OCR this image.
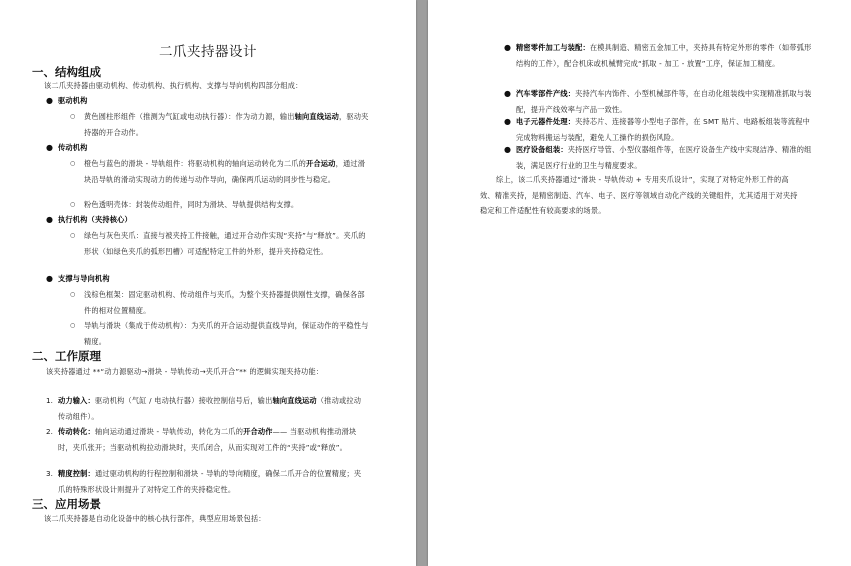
二爪夹持器设计
一、结构组成
该二爪夹持器由驱动机构、传动机构、执行机构、支撑与导向机构四部分组成：
● 驱动机构
○ 黄色圆柱形组件（推测为气缸或电动执行器）：作为动力源，输出轴向直线运动，驱动夹持器的开合动作。
● 传动机构
○ 橙色与蓝色的滑块 - 导轨组件：将驱动机构的轴向运动转化为二爪的开合运动，通过滑块沿导轨的滑动实现动力的传递与动作导向，确保两爪运动的同步性与稳定。
○ 粉色透明壳体：封装传动组件，同时为滑块、导轨提供结构支撑。
● 执行机构（夹持核心）
○ 绿色与灰色夹爪：直接与被夹持工件接触，通过开合动作实现“夹持”与“释放”。夹爪的形状（如绿色夹爪的弧形凹槽）可适配特定工件的外形，提升夹持稳定性。
● 支撑与导向机构
○ 浅棕色框架：固定驱动机构、传动组件与夹爪，为整个夹持器提供刚性支撑，确保各部件的相对位置精度。
○ 导轨与滑块（集成于传动机构）：为夹爪的开合运动提供直线导向，保证动作的平稳性与精度。
二、工作原理
该夹持器通过 **“动力源驱动→滑块 - 导轨传动→夹爪开合”** 的逻辑实现夹持功能：
1. 动力输入：驱动机构（气缸 / 电动执行器）接收控制信号后，输出轴向直线运动（推动或拉动传动组件）。
2. 传动转化：轴向运动通过滑块 - 导轨传动，转化为二爪的开合动作—— 当驱动机构推动滑块时，夹爪张开；当驱动机构拉动滑块时，夹爪闭合，从而实现对工件的“夹持”或“释放”。
3. 精度控制：通过驱动机构的行程控制和滑块 - 导轨的导向精度，确保二爪开合的位置精度；夹爪的特殊形状设计则提升了对特定工件的夹持稳定性。
三、应用场景
该二爪夹持器是自动化设备中的核心执行部件，典型应用场景包括：
● 精密零件加工与装配：在模具制造、精密五金加工中，夹持具有特定外形的零件（如带弧形结构的工件），配合机床或机械臂完成“抓取 - 加工 - 放置”工序，保证加工精度。
● 汽车零部件产线：夹持汽车内饰件、小型机械部件等，在自动化组装线中实现精准抓取与装配，提升产线效率与产品一致性。
● 电子元器件处理：夹持芯片、连接器等小型电子部件，在 SMT 贴片、电路板组装等流程中完成物料搬运与装配，避免人工操作的损伤风险。
● 医疗设备组装：夹持医疗导管、小型仪器组件等，在医疗设备生产线中实现洁净、精准的组装，满足医疗行业的卫生与精度要求。
综上，该二爪夹持器通过“滑块 - 导轨传动 + 专用夹爪设计”，实现了对特定外形工件的高效、精准夹持，是精密制造、汽车、电子、医疗等领域自动化产线的关键组件，尤其适用于对夹持稳定和工件适配性有较高要求的场景。
